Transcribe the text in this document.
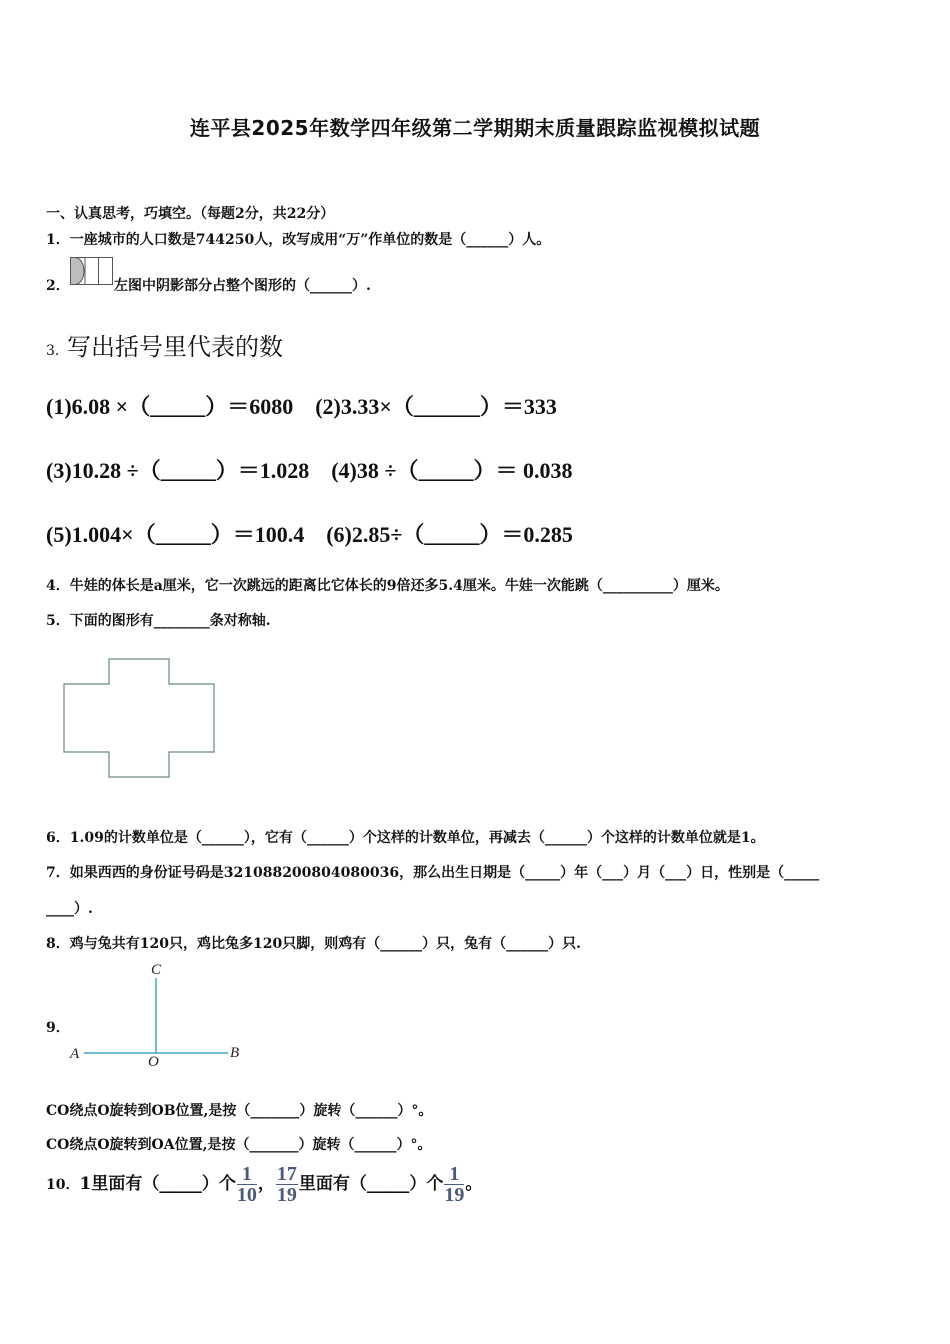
连平县2025年数学四年级第二学期期末质量跟踪监视模拟试题
一、认真思考，巧填空。（每题2分，共22分）
1．一座城市的人口数是744250人，改写成用“万”作单位的数是（______）人。
2．	左图中阴影部分占整个图形的（______）.
3. 写出括号里代表的数
(1)6.08 ×（_____）＝6080　(2)3.33×（______）＝333
(3)10.28 ÷（_____）＝1.028　(4)38 ÷（_____）＝ 0.038
(5)1.004×（_____）＝100.4　(6)2.85÷（_____）＝0.285
4．牛娃的体长是a厘米，它一次跳远的距离比它体长的9倍还多5.4厘米。牛娃一次能跳（__________）厘米。
5．下面的图形有________条对称轴.
6．1.09的计数单位是（______），它有（______）个这样的计数单位，再减去（______）个这样的计数单位就是1。
7．如果西西的身份证号码是321088200804080036，那么出生日期是（_____）年（___）月（___）日，性别是（_____
____）.
8．鸡与兔共有120只，鸡比兔多120只脚，则鸡有（______）只，兔有（______）只.
9．
C
A	O
B
CO绕点O旋转到OB位置,是按（_______）旋转（______）°。
CO绕点O旋转到OA位置,是按（_______）旋转（______）°。
10．1里面有（_____）个 $\frac{1}{10}$ ， $\frac{17}{19}$ 里面有（_____）个 $\frac{1}{19}$ 。
